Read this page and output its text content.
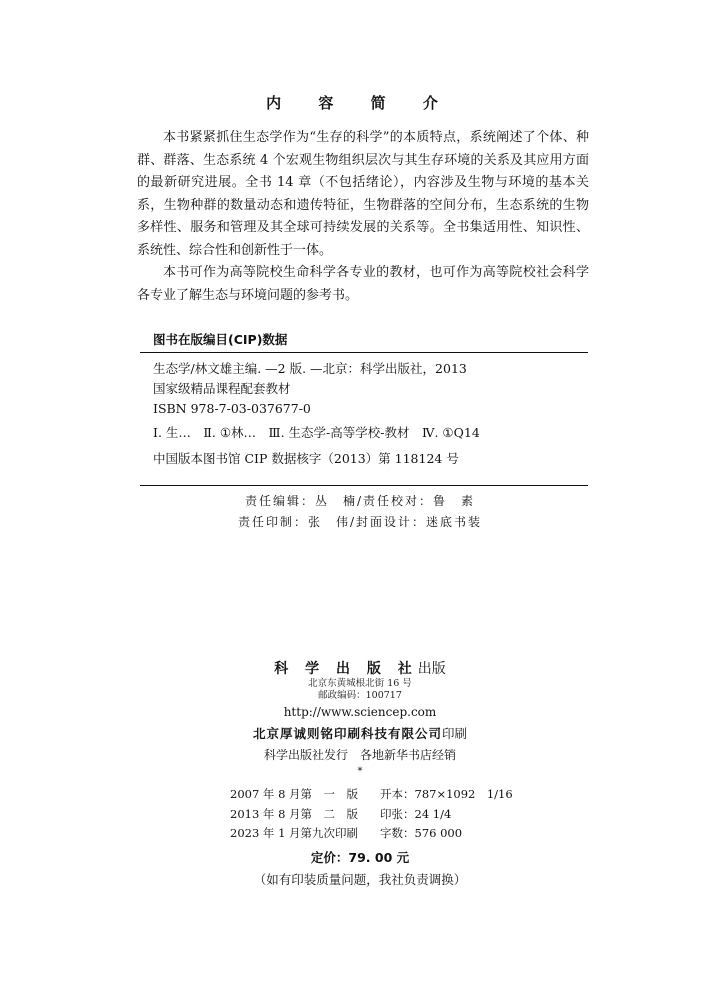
内 容 简 介

本书紧紧抓住生态学作为“生存的科学”的本质特点，系统阐述了个体、种群、群落、生态系统 4 个宏观生物组织层次与其生存环境的关系及其应用方面的最新研究进展。全书 14 章（不包括绪论），内容涉及生物与环境的基本关系，生物种群的数量动态和遗传特征，生物群落的空间分布，生态系统的生物多样性、服务和管理及其全球可持续发展的关系等。全书集适用性、知识性、系统性、综合性和创新性于一体。

本书可作为高等院校生命科学各专业的教材，也可作为高等院校社会科学各专业了解生态与环境问题的参考书。

图书在版编目(CIP)数据
生态学/林文雄主编. —2 版. —北京：科学出版社，2013
国家级精品课程配套教材
ISBN 978-7-03-037677-0
Ⅰ. 生…　Ⅱ. ①林…　Ⅲ. 生态学-高等学校-教材　Ⅳ. ①Q14
中国版本图书馆 CIP 数据核字（2013）第 118124 号
责任编辑：丛　楠/责任校对：鲁　素
责任印制：张　伟/封面设计：迷底书装
科 学 出 版 社出版
北京东黄城根北街 16 号
邮政编码：100717
http://www.sciencep.com
北京厚诚则铭印刷科技有限公司印刷
科学出版社发行　各地新华书店经销
*
2007 年 8 月第　一　版 开本：787×1092　1/16
2013 年 8 月第　二　版 印张：24 1/4
2023 年 1 月第九次印刷 字数：576 000
定价：79. 00 元
（如有印装质量问题，我社负责调换）
